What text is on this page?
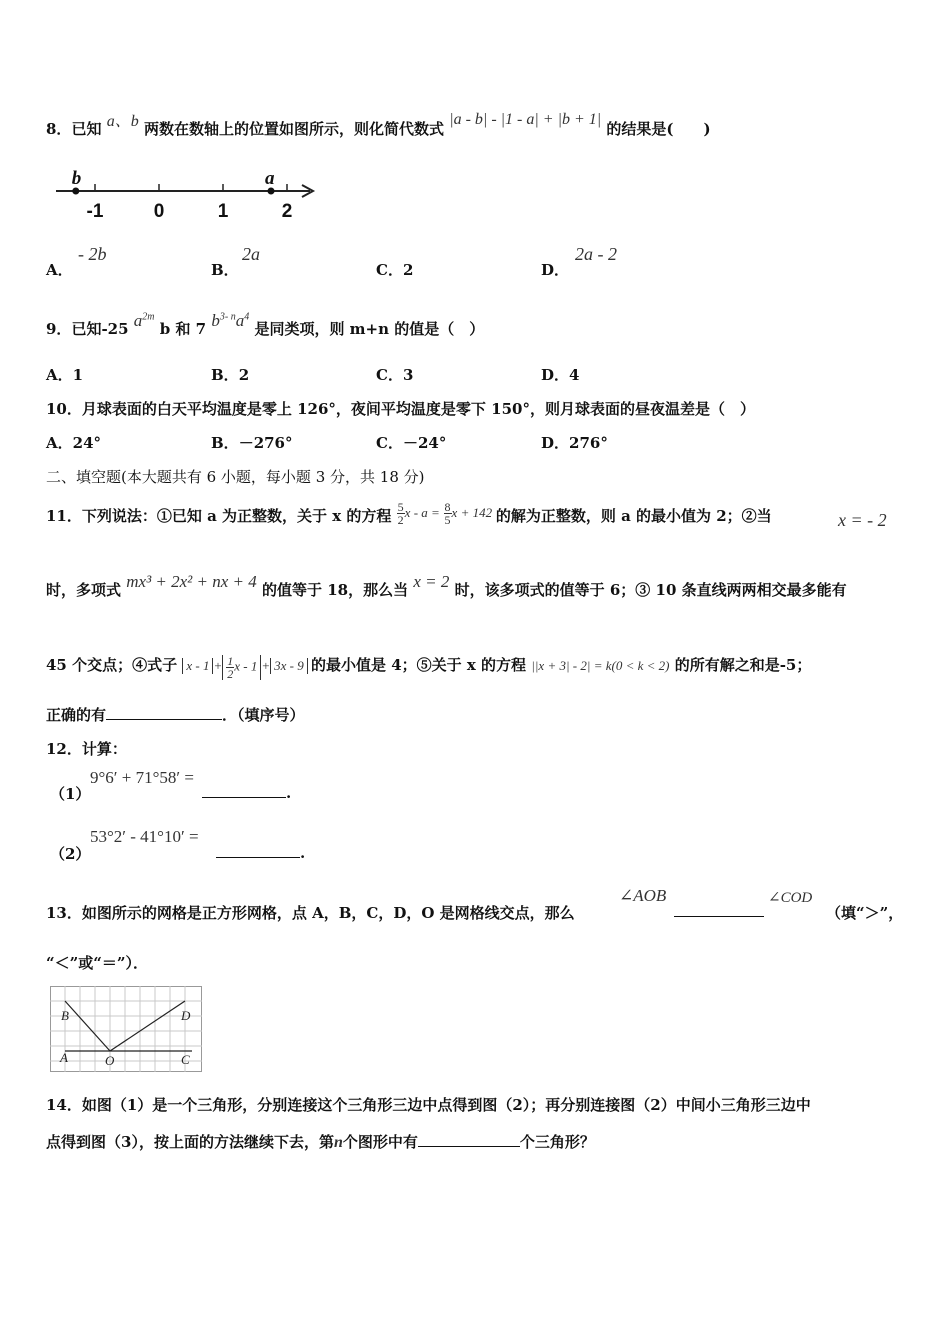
8．已知 a、b 两数在数轴上的位置如图所示，则化简代数式 |a - b| - |1 - a| + |b + 1| 的结果是(　　 )
-1	0	1	2
b	a
A．
- 2b
B．
2a
C．2	D．
2a - 2
9．已知-25 $a^{2m}$ b 和 7 $b^{3- n}a^4$ 是同类项，则 m+n 的值是（　 ）
A．1	B．2	C．3	D．4
10．月球表面的白天平均温度是零上 126°，夜间平均温度是零下 150°，则月球表面的昼夜温差是（　）
A．24°	B．－276°	C．－24°	D．276°
二、填空题(本大题共有 6 小题，每小题 3 分，共 18 分)
11．下列说法：①已知 a 为正整数，关于 x 的方程 $\frac{5}{2}$ $x - a = \frac{8}{5}$ x + 142 的解为正整数，则 a 的最小值为 2；②当	x = - 2
时，多项式 mx³ + 2x² + nx + 4 的值等于 18，那么当 x = 2 时，该多项式的值等于 6；③ 10 条直线两两相交最多能有
45 个交点；④式子 $x - 1 + \frac{1}{2}$ x - 1 + 3x - 9 的最小值是 4；⑤关于 x 的方程 ||x + 3| - 2| = k(0 < k < 2) 的所有解之和是-5；
正确的有	．（填序号）
12．计算：
（1）
9°6′ + 71°58′ =
.
（2）
53°2′ - 41°10′ =
.
13．如图所示的网格是正方形网格，点 A，B，C，D，O 是网格线交点，那么
∠AOB	∠COD
（填“＞”，
“＜”或“＝”）．
B	D
A	O	C
14．如图（1）是一个三角形，分别连接这个三角形三边中点得到图（2）；再分别连接图（2）中间小三角形三边中
点得到图（3），按上面的方法继续下去，第n个图形中有	个三角形？
